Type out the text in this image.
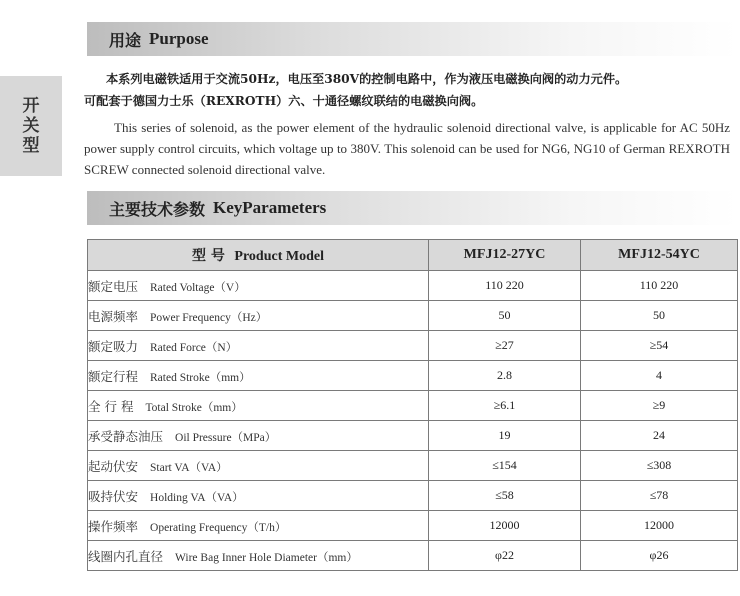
开
关
型
用途 Purpose
本系列电磁铁适用于交流50Hz，电压至380V的控制电路中，作为液压电磁换向阀的动力元件。
可配套于德国力士乐（REXROTH）六、十通径螺纹联结的电磁换向阀。
This series of solenoid, as the power element of the hydraulic solenoid directional valve, is applicable for AC 50Hz power supply control circuits, which voltage up to 380V. This solenoid can be used for NG6, NG10 of German REXROTH SCREW connected solenoid directional valve.
主要技术参数 KeyParameters
型 号 Product Model	MFJ12-27YC	MFJ12-54YC
额定电压 Rated Voltage（V）	110 220	110 220
电源频率 Power Frequency（Hz）	50	50
额定吸力 Rated Force（N）	≥27	≥54
额定行程 Rated Stroke（mm）	2.8	4
全 行 程 Total Stroke（mm）	≥6.1	≥9
承受静态油压 Oil Pressure（MPa）	19	24
起动伏安 Start VA（VA）	≤154	≤308
吸持伏安 Holding VA（VA）	≤58	≤78
操作频率 Operating Frequency（T/h）	12000	12000
线圈内孔直径 Wire Bag Inner Hole Diameter（mm）	φ22	φ26
